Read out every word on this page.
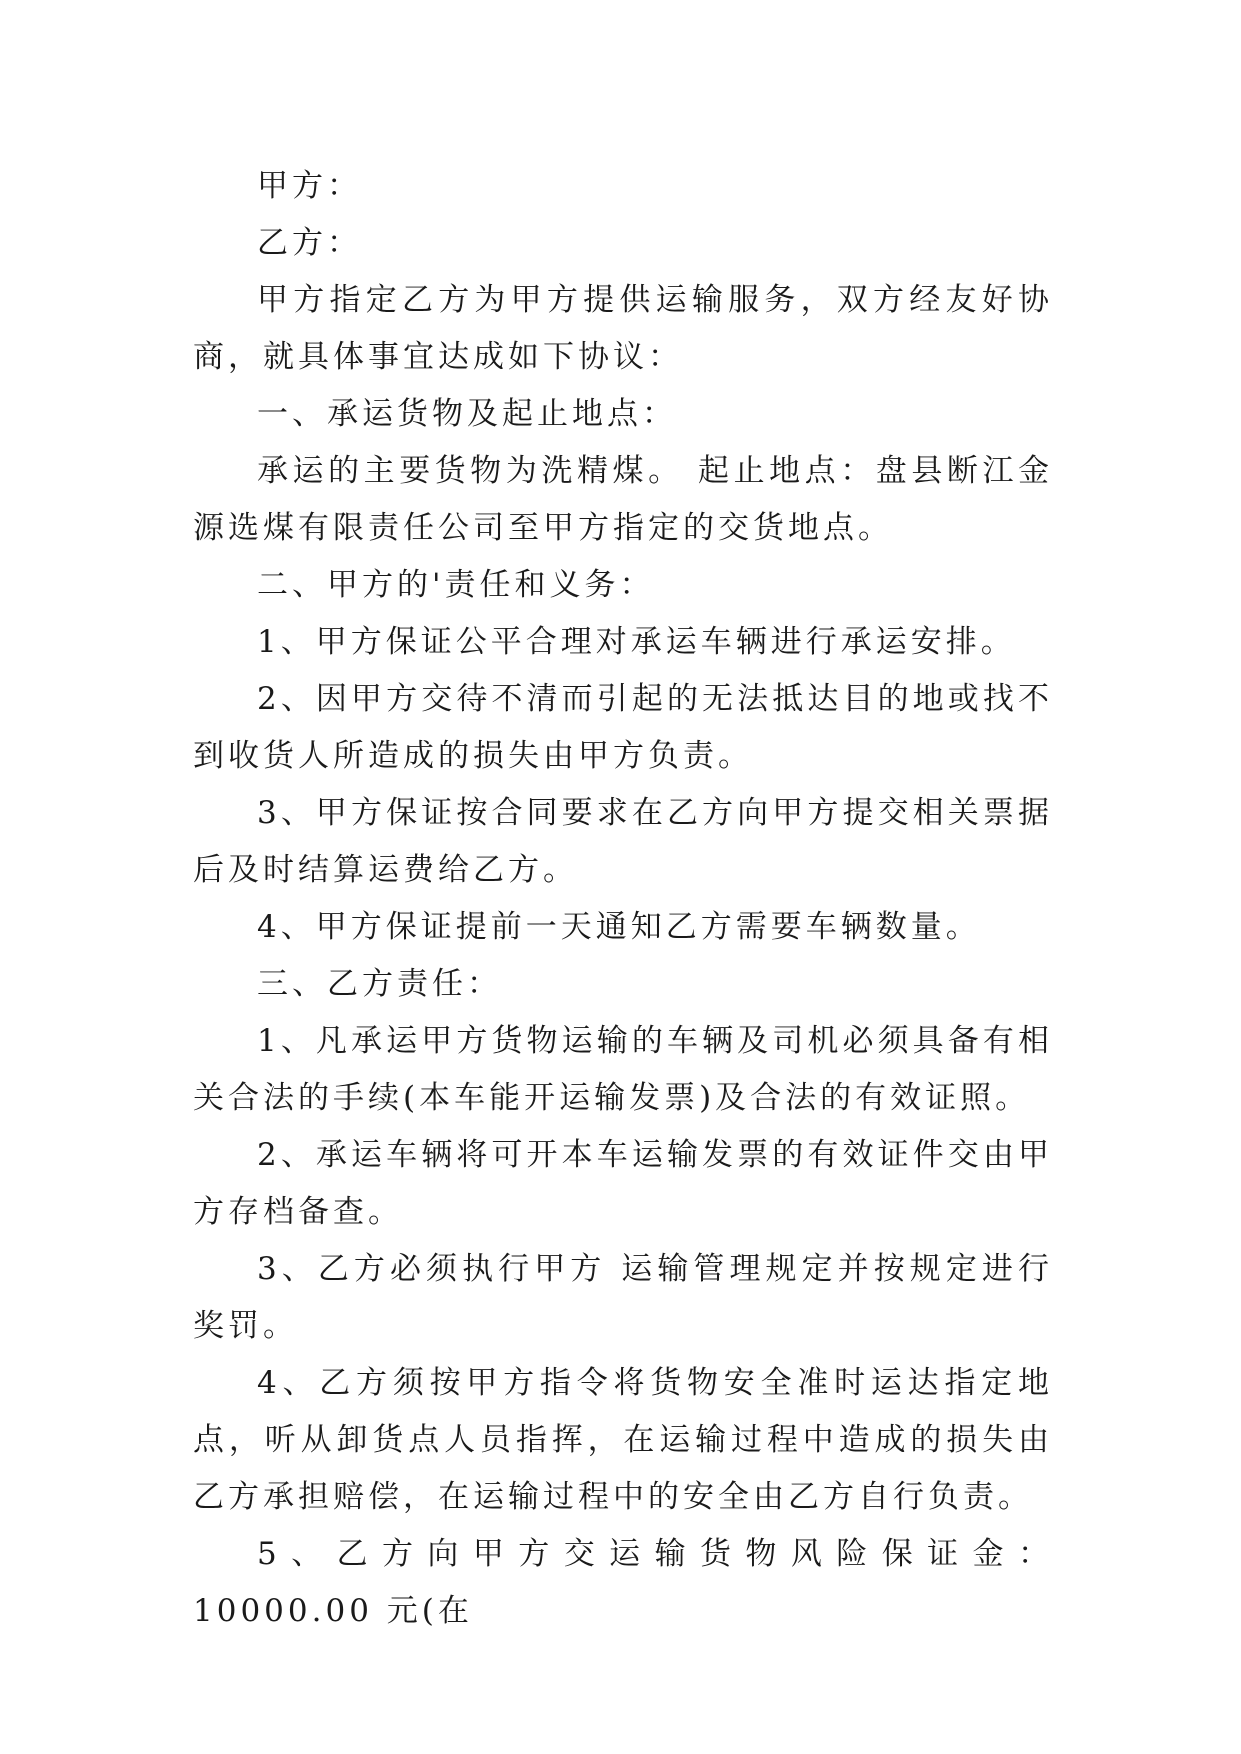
甲方：

乙方：

甲方指定乙方为甲方提供运输服务，双方经友好协商，就具体事宜达成如下协议：

一、承运货物及起止地点：

承运的主要货物为洗精煤。 起止地点：盘县断江金源选煤有限责任公司至甲方指定的交货地点。

二、甲方的'责任和义务：

1、甲方保证公平合理对承运车辆进行承运安排。

2、因甲方交待不清而引起的无法抵达目的地或找不到收货人所造成的损失由甲方负责。

3、甲方保证按合同要求在乙方向甲方提交相关票据后及时结算运费给乙方。

4、甲方保证提前一天通知乙方需要车辆数量。

三、乙方责任：

1、凡承运甲方货物运输的车辆及司机必须具备有相关合法的手续(本车能开运输发票)及合法的有效证照。

2、承运车辆将可开本车运输发票的有效证件交由甲方存档备查。

3、乙方必须执行甲方 运输管理规定并按规定进行奖罚。

4、乙方须按甲方指令将货物安全准时运达指定地点，听从卸货点人员指挥，在运输过程中造成的损失由乙方承担赔偿，在运输过程中的安全由乙方自行负责。

5、乙方向甲方交运输货物风险保证金：10000.00 元(在
